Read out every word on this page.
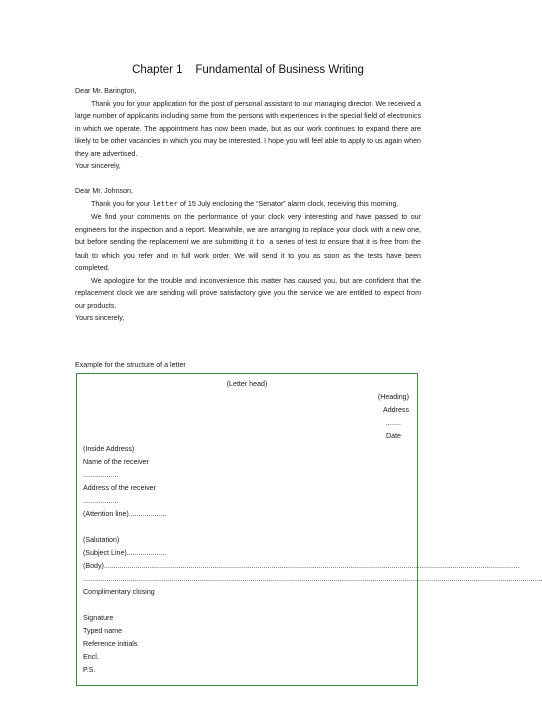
Chapter 1    Fundamental of Business Writing

Dear Mr. Barington,

Thank you for your application for the post of personal assistant to our managing director. We received a large number of applicants including some from the persons with experiences in the special field of electronics in which we operate. The appointment has now been made, but as our work continues to expand there are likely to be other vacancies in which you may be interested. I hope you will feel able to apply to us again when they are advertised.

Your sincerely,

Dear Mr. Johnson,

Thank you for your letter of 15 July enclosing the “Senator” alarm clock, receiving this morning.

We find your comments on the performance of your clock very interesting and have passed to our engineers for the inspection and a report. Meanwhile, we are arranging to replace your clock with a new one, but before sending the replacement we are submitting it to a series of test to ensure that it is free from the fault to which you refer and in full work order. We will send it to you as soon as the tests have been completed.

We apologize for the trouble and inconvenience this matter has caused you, but are confident that the replacement clock we are sending will prove satisfactory give you the service we are entitled to expect from our products.

Yours sincerely,

Example for the structure of a letter
(Letter head)
(Heading)
Address
........
Date
(Inside Address)
Name of the receiver
..................
Address of the receiver
..................
(Attention line)...................
(Salutation)
(Subject Line)....................
(Body)...................................................................................................................................................................................................................
.........................................................................................................................................................................................................................................
Complimentary closing
Signature
Typed name
Reference initials
Encl.
P.S.
